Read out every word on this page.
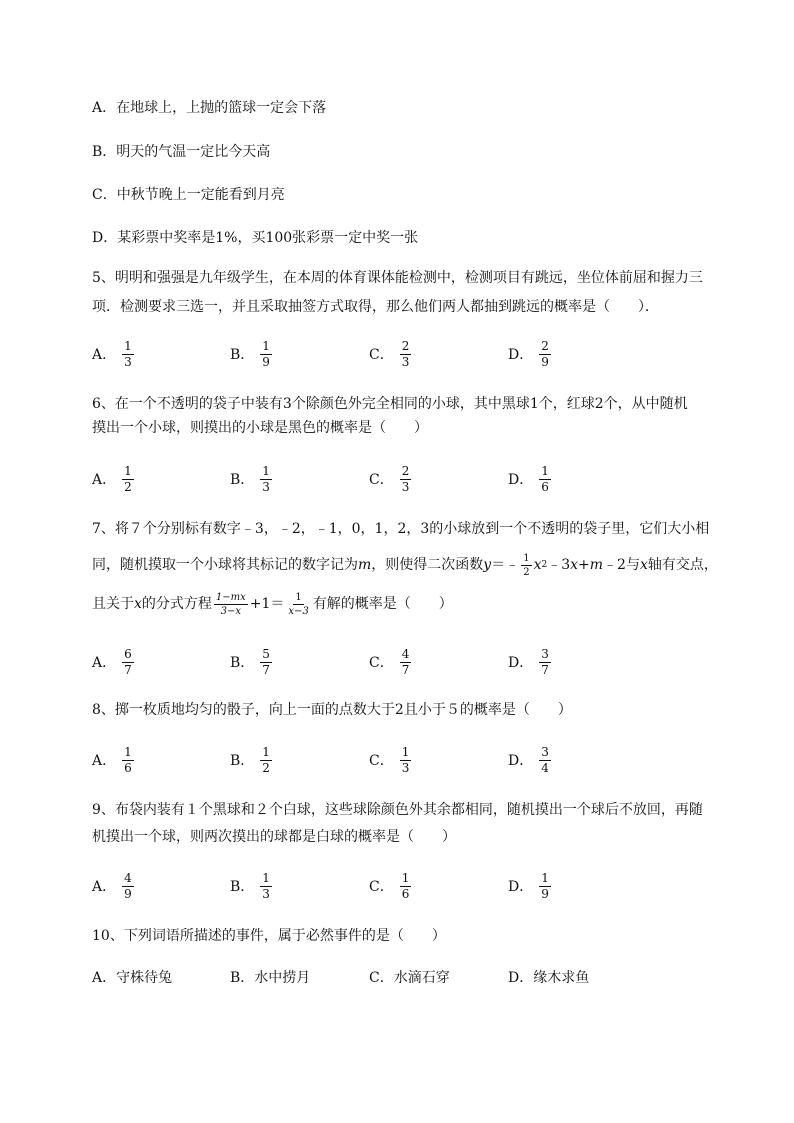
A．在地球上，上抛的篮球一定会下落
B．明天的气温一定比今天高
C．中秋节晚上一定能看到月亮
D．某彩票中奖率是1%，买100张彩票一定中奖一张
5、明明和强强是九年级学生，在本周的体育课体能检测中，检测项目有跳远，坐位体前屈和握力三
项．检测要求三选一，并且采取抽签方式取得，那么他们两人都抽到跳远的概率是（　　）．
A． $\frac{1}{3}$	B． $\frac{1}{9}$	C． $\frac{2}{3}$	D． $\frac{2}{9}$
6、在一个不透明的袋子中装有3个除颜色外完全相同的小球，其中黑球1个，红球2个，从中随机
摸出一个小球，则摸出的小球是黑色的概率是（　　）
A． $\frac{1}{2}$	B． $\frac{1}{3}$	C． $\frac{2}{3}$	D． $\frac{1}{6}$
7、将７个分别标有数字﹣3，﹣2，﹣1，0，1，2，3的小球放到一个不透明的袋子里，它们大小相
同，随机摸取一个小球将其标记的数字记为 m ，则使得二次函数 y ＝﹣ $\frac{1}{2}$ x 2 ﹣3 x + m ﹣2与 x 轴有交点，
且关于 x 的分式方程 $\frac{1-mx}{3-x} +1= \frac{1}{x-3}$ 有解的概率是（　　）
A． $\frac{6}{7}$	B． $\frac{5}{7}$	C． $\frac{4}{7}$	D． $\frac{3}{7}$
8、掷一枚质地均匀的骰子，向上一面的点数大于2且小于５的概率是（　　）
A． $\frac{1}{6}$	B． $\frac{1}{2}$	C． $\frac{1}{3}$	D． $\frac{3}{4}$
9、布袋内装有１个黑球和２个白球，这些球除颜色外其余都相同，随机摸出一个球后不放回，再随
机摸出一个球，则两次摸出的球都是白球的概率是（　　）
A． $\frac{4}{9}$	B． $\frac{1}{3}$	C． $\frac{1}{6}$	D． $\frac{1}{9}$
10、下列词语所描述的事件，属于必然事件的是（　　）
A． 守株待兔	B． 水中捞月	C． 水滴石穿	D． 缘木求鱼
